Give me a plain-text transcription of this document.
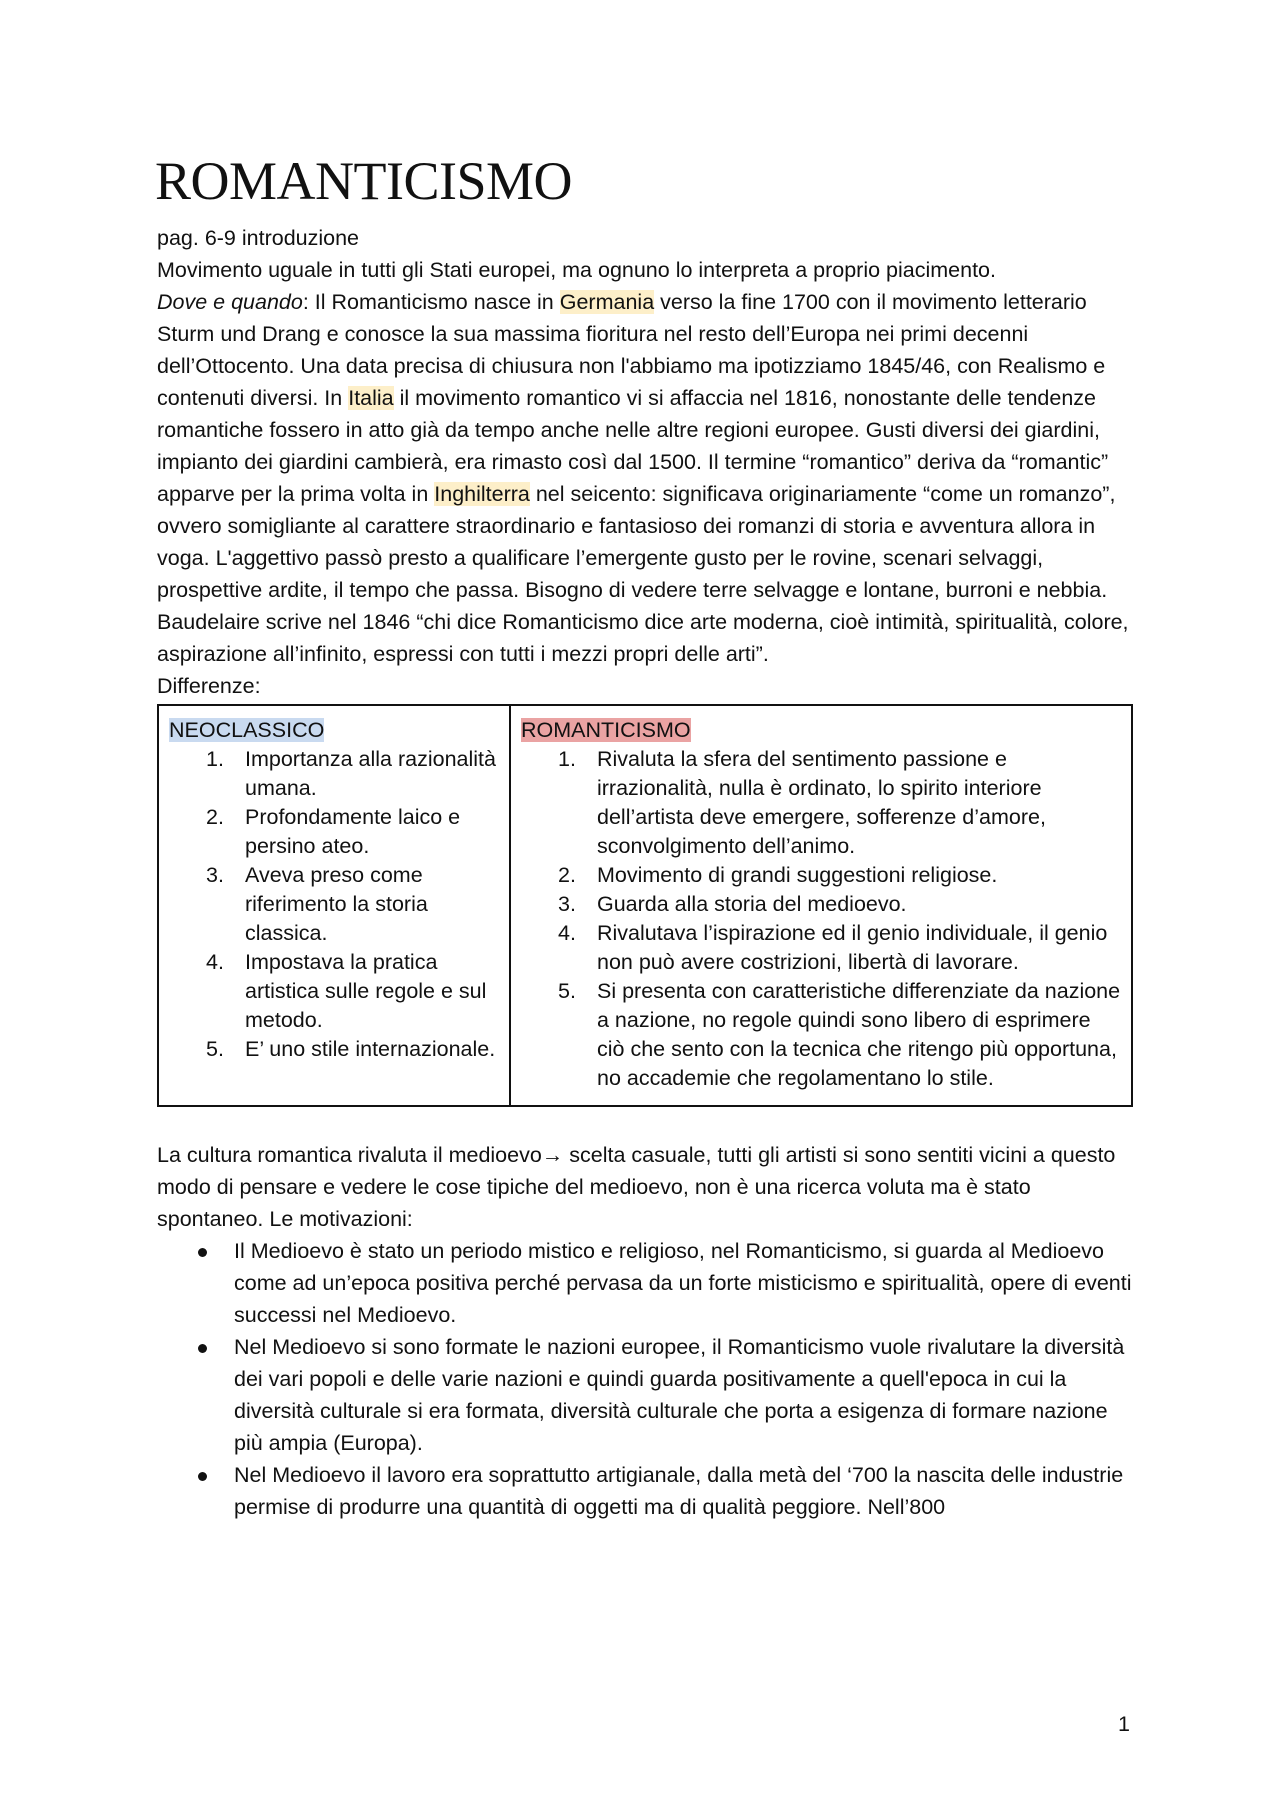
ROMANTICISMO

pag. 6-9 introduzione

Movimento uguale in tutti gli Stati europei, ma ognuno lo interpreta a proprio piacimento.

Dove e quando: Il Romanticismo nasce in Germania verso la fine 1700 con il movimento letterario Sturm und Drang e conosce la sua massima fioritura nel resto dell’Europa nei primi decenni dell’Ottocento. Una data precisa di chiusura non l'abbiamo ma ipotizziamo 1845/46, con Realismo e contenuti diversi. In Italia il movimento romantico vi si affaccia nel 1816, nonostante delle tendenze romantiche fossero in atto già da tempo anche nelle altre regioni europee. Gusti diversi dei giardini, impianto dei giardini cambierà, era rimasto così dal 1500. Il termine “romantico” deriva da “romantic” apparve per la prima volta in Inghilterra nel seicento: significava originariamente “come un romanzo”, ovvero somigliante al carattere straordinario e fantasioso dei romanzi di storia e avventura allora in voga. L'aggettivo passò presto a qualificare l’emergente gusto per le rovine, scenari selvaggi, prospettive ardite, il tempo che passa. Bisogno di vedere terre selvagge e lontane, burroni e nebbia.

Baudelaire scrive nel 1846 “chi dice Romanticismo dice arte moderna, cioè intimità, spiritualità, colore, aspirazione all’infinito, espressi con tutti i mezzi propri delle arti”.

Differenze:

NEOCLASSICO
1. Importanza alla razionalità umana.
2. Profondamente laico e persino ateo.
3. Aveva preso come riferimento la storia classica.
4. Impostava la pratica artistica sulle regole e sul metodo.
5. E’ uno stile internazionale.
	ROMANTICISMO
1. Rivaluta la sfera del sentimento passione e irrazionalità, nulla è ordinato, lo spirito interiore dell’artista deve emergere, sofferenze d’amore, sconvolgimento dell’animo.
2. Movimento di grandi suggestioni religiose.
3. Guarda alla storia del medioevo.
4. Rivalutava l’ispirazione ed il genio individuale, il genio non può avere costrizioni, libertà di lavorare.
5. Si presenta con caratteristiche differenziate da nazione a nazione, no regole quindi sono libero di esprimere ciò che sento con la tecnica che ritengo più opportuna, no accademie che regolamentano lo stile.

La cultura romantica rivaluta il medioevo→ scelta casuale, tutti gli artisti si sono sentiti vicini a questo modo di pensare e vedere le cose tipiche del medioevo, non è una ricerca voluta ma è stato spontaneo. Le motivazioni:

Il Medioevo è stato un periodo mistico e religioso, nel Romanticismo, si guarda al Medioevo come ad un’epoca positiva perché pervasa da un forte misticismo e spiritualità, opere di eventi successi nel Medioevo.
Nel Medioevo si sono formate le nazioni europee, il Romanticismo vuole rivalutare la diversità dei vari popoli e delle varie nazioni e quindi guarda positivamente a quell'epoca in cui la diversità culturale si era formata, diversità culturale che porta a esigenza di formare nazione più ampia (Europa).
Nel Medioevo il lavoro era soprattutto artigianale, dalla metà del ‘700 la nascita delle industrie permise di produrre una quantità di oggetti ma di qualità peggiore. Nell’800
1
